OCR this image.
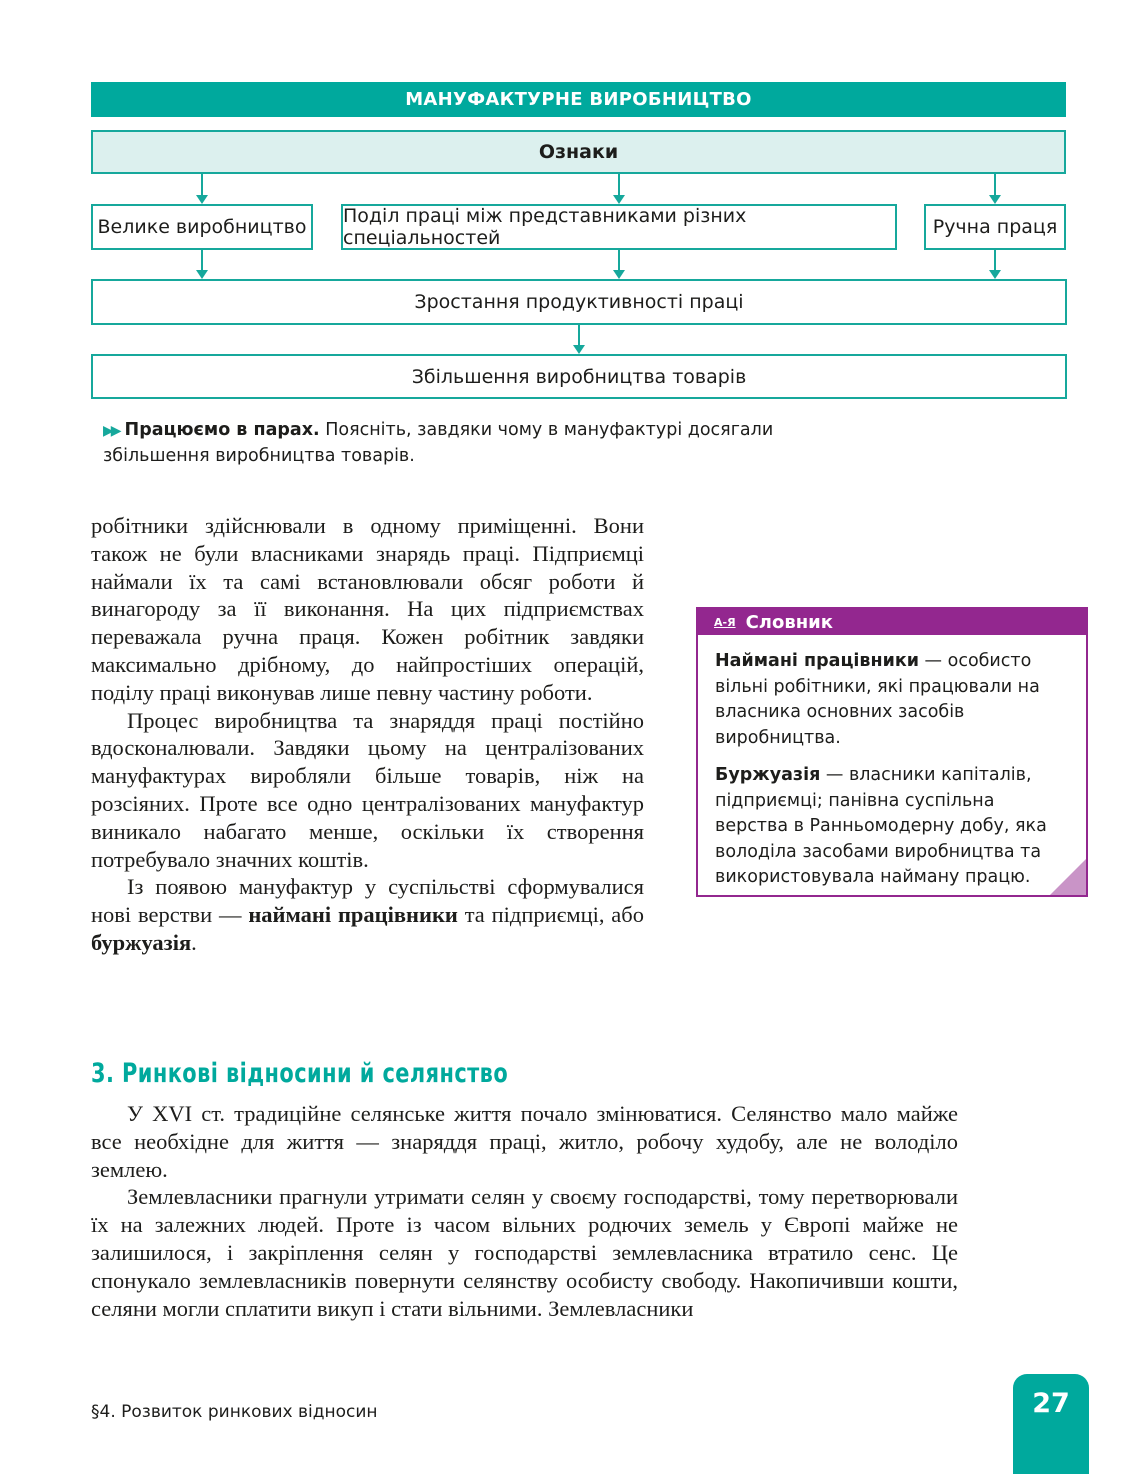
МАНУФАКТУРНЕ ВИРОБНИЦТВО
Ознаки
Велике виробництво Поділ праці між представниками різних спеціальностей	Ручна праця
Зростання продуктивності праці
Збільшення виробництва товарів
▶▶ Працюємо в парах. Поясніть, завдяки чому в мануфактурі досягали збільшення виробництва товарів.

робітники здійснювали в одному приміщенні. Вони також не були власниками знарядь праці. Підприємці наймали їх та самі встановлювали обсяг роботи й винагороду за її виконання. На цих підприємствах переважала ручна праця. Кожен робітник завдяки максимально дрібному, до найпростіших операцій, поділу праці виконував лише певну частину роботи.

Процес виробництва та знаряддя праці постійно вдосконалювали. Завдяки цьому на централізованих мануфактурах виробляли більше товарів, ніж на розсіяних. Проте все одно централізованих мануфактур виникало набагато менше, оскільки їх створення потребувало значних коштів.

Із появою мануфактур у суспільстві сформувалися нові верстви — наймані працівники та підприємці, або буржуазія.

А-Я Словник

Наймані працівники — особисто вільні робітники, які працювали на власника основних засобів виробництва.

Буржуазія — власники капіталів, підприємці; панівна суспільна верства в Ранньомодерну добу, яка володіла засобами виробництва та використовувала найману працю.

3. Ринкові відносини й селянство

У XVI ст. традиційне селянське життя почало змінюватися. Селянство мало майже все необхідне для життя — знаряддя праці, житло, робочу худобу, але не володіло землею.

Землевласники прагнули утримати селян у своєму господарстві, тому перетворювали їх на залежних людей. Проте із часом вільних родючих земель у Європі майже не залишилося, і закріплення селян у господарстві землевласника втратило сенс. Це спонукало землевласників повернути селянству особисту свободу. Накопичивши кошти, селяни могли сплатити викуп і стати вільними. Землевласники

§4. Розвиток ринкових відносин	27
